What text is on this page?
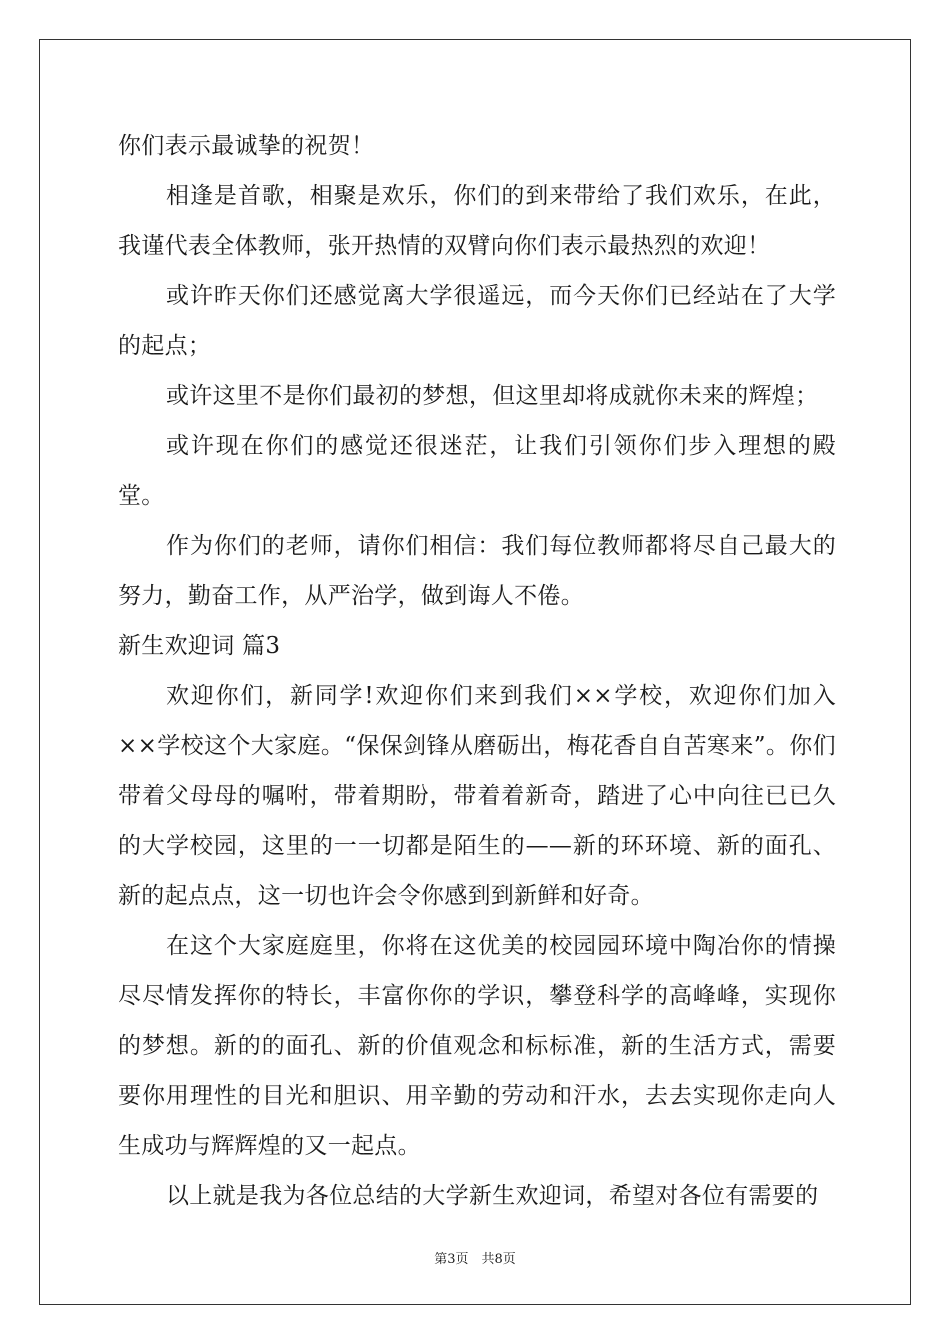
你们表示最诚挚的祝贺！

相逢是首歌，相聚是欢乐，你们的到来带给了我们欢乐，在此，我谨代表全体教师，张开热情的双臂向你们表示最热烈的欢迎！

或许昨天你们还感觉离大学很遥远，而今天你们已经站在了大学的起点；

或许这里不是你们最初的梦想，但这里却将成就你未来的辉煌；

或许现在你们的感觉还很迷茫，让我们引领你们步入理想的殿堂。

作为你们的老师，请你们相信：我们每位教师都将尽自己最大的努力，勤奋工作，从严治学，做到诲人不倦。

新生欢迎词 篇3

欢迎你们，新同学!欢迎你们来到我们××学校，欢迎你们加入××学校这个大家庭。“保保剑锋从磨砺出，梅花香自自苦寒来”。你们带着父母母的嘱咐，带着期盼，带着着新奇，踏进了心中向往已已久的大学校园，这里的一一切都是陌生的——新的环环境、新的面孔、新的起点点，这一切也许会令你感到到新鲜和好奇。

在这个大家庭庭里，你将在这优美的校园园环境中陶冶你的情操尽尽情发挥你的特长，丰富你你的学识，攀登科学的高峰峰，实现你的梦想。新的的面孔、新的价值观念和标标准，新的生活方式，需要要你用理性的目光和胆识、用辛勤的劳动和汗水，去去实现你走向人生成功与辉辉煌的又一起点。

以上就是我为各位总结的大学新生欢迎词，希望对各位有需要的

第3页　共8页
